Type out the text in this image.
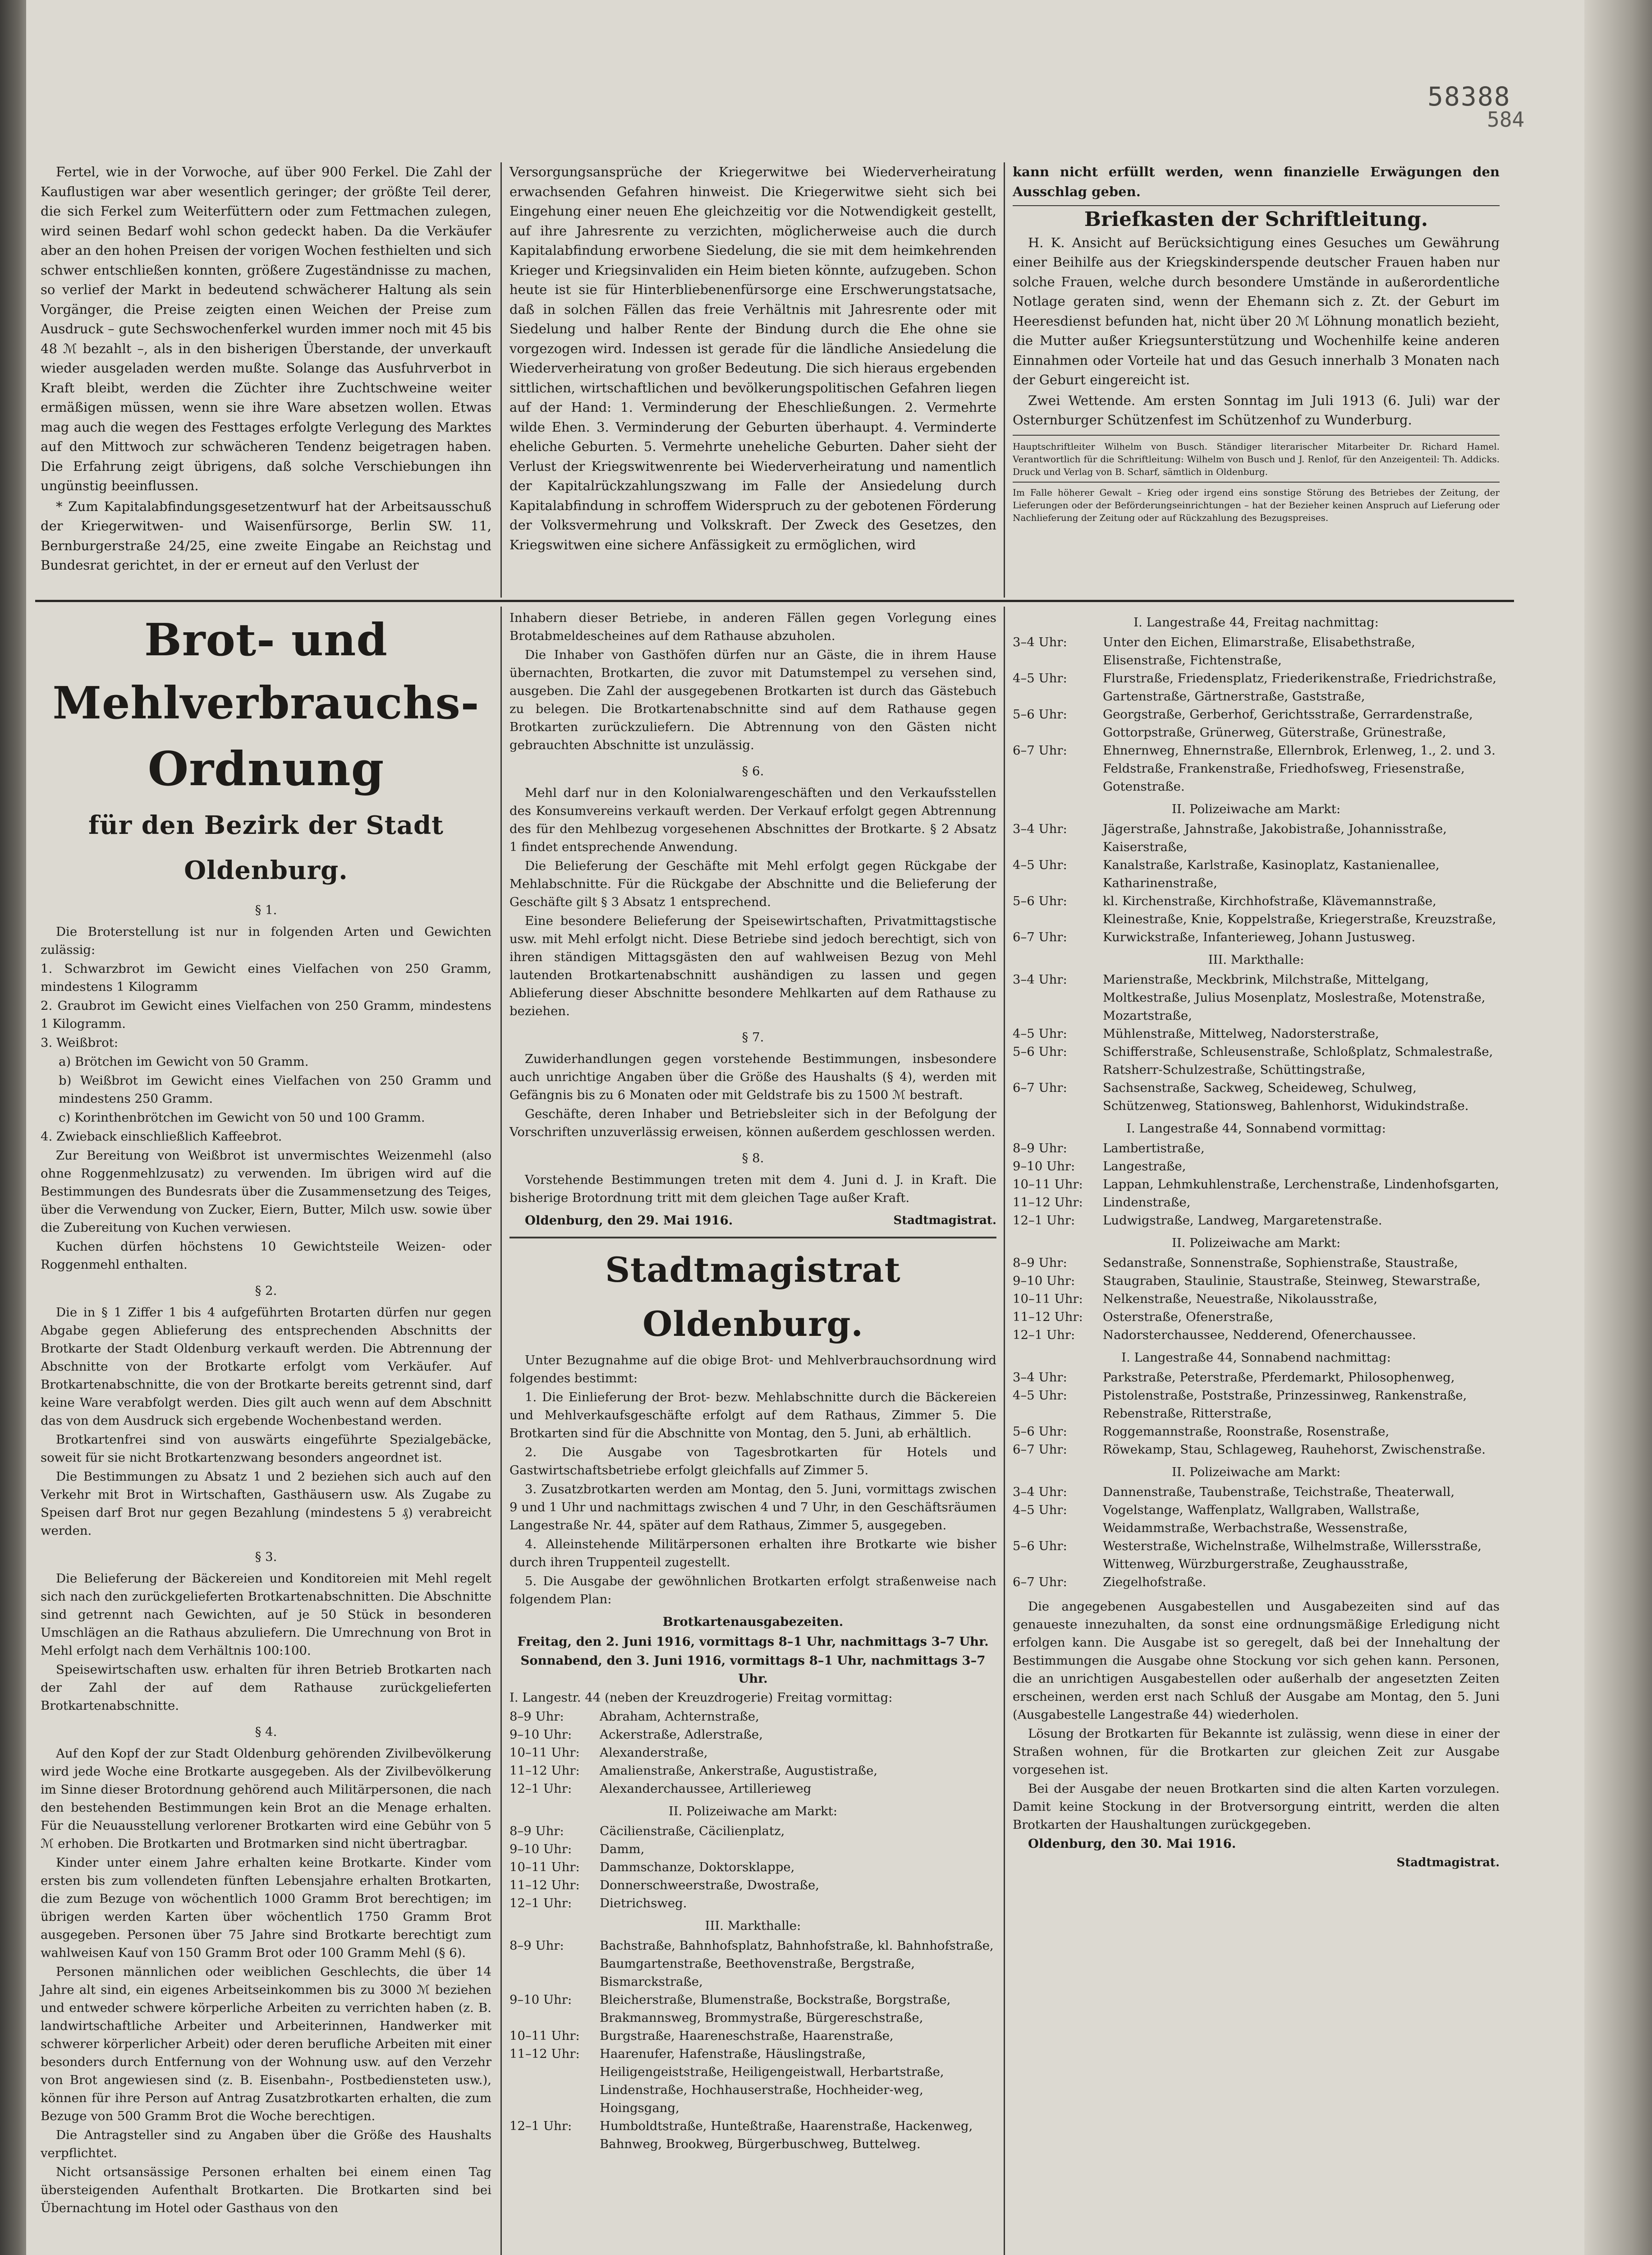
58388
584

Fertel, wie in der Vorwoche, auf über 900 Ferkel. Die Zahl der Kauflustigen war aber wesentlich geringer; der größte Teil derer, die sich Ferkel zum Weiterfüttern oder zum Fettmachen zulegen, wird seinen Bedarf wohl schon gedeckt haben. Da die Verkäufer aber an den hohen Preisen der vorigen Wochen festhielten und sich schwer entschließen konnten, größere Zugeständnisse zu machen, so verlief der Markt in bedeutend schwächerer Haltung als sein Vorgänger, die Preise zeigten einen Weichen der Preise zum Ausdruck – gute Sechswochenferkel wurden immer noch mit 45 bis 48 ℳ bezahlt –, als in den bisherigen Überstande, der unverkauft wieder ausgeladen werden mußte. Solange das Ausfuhrverbot in Kraft bleibt, werden die Züchter ihre Zuchtschweine weiter ermäßigen müssen, wenn sie ihre Ware absetzen wollen. Etwas mag auch die wegen des Festtages erfolgte Verlegung des Marktes auf den Mittwoch zur schwächeren Tendenz beigetragen haben. Die Erfahrung zeigt übrigens, daß solche Verschiebungen ihn ungünstig beeinflussen.

* Zum Kapitalabfindungsgesetzentwurf hat der Arbeitsausschuß der Kriegerwitwen- und Waisenfürsorge, Berlin SW. 11, Bernburgerstraße 24/25, eine zweite Eingabe an Reichstag und Bundesrat gerichtet, in der er erneut auf den Verlust der

Versorgungsansprüche der Kriegerwitwe bei Wiederverheiratung erwachsenden Gefahren hinweist. Die Kriegerwitwe sieht sich bei Eingehung einer neuen Ehe gleichzeitig vor die Notwendigkeit gestellt, auf ihre Jahresrente zu verzichten, möglicherweise auch die durch Kapitalabfindung erworbene Siedelung, die sie mit dem heimkehrenden Krieger und Kriegsinvaliden ein Heim bieten könnte, aufzugeben. Schon heute ist sie für Hinterbliebenenfürsorge eine Erschwerungstatsache, daß in solchen Fällen das freie Verhältnis mit Jahresrente oder mit Siedelung und halber Rente der Bindung durch die Ehe ohne sie vorgezogen wird. Indessen ist gerade für die ländliche Ansiedelung die Wiederverheiratung von großer Bedeutung. Die sich hieraus ergebenden sittlichen, wirtschaftlichen und bevölkerungspolitischen Gefahren liegen auf der Hand: 1. Verminderung der Eheschließungen. 2. Vermehrte wilde Ehen. 3. Verminderung der Geburten überhaupt. 4. Verminderte eheliche Geburten. 5. Vermehrte uneheliche Geburten. Daher sieht der Verlust der Kriegswitwenrente bei Wiederverheiratung und namentlich der Kapitalrückzahlungszwang im Falle der Ansiedelung durch Kapitalabfindung in schroffem Widerspruch zu der gebotenen Förderung der Volksvermehrung und Volkskraft. Der Zweck des Gesetzes, den Kriegswitwen eine sichere Anfässigkeit zu ermöglichen, wird

kann nicht erfüllt werden, wenn finanzielle Erwägungen den Ausschlag geben.

Briefkasten der Schriftleitung.

H. K. Ansicht auf Berücksichtigung eines Gesuches um Gewährung einer Beihilfe aus der Kriegskinderspende deutscher Frauen haben nur solche Frauen, welche durch besondere Umstände in außerordentliche Notlage geraten sind, wenn der Ehemann sich z. Zt. der Geburt im Heeresdienst befunden hat, nicht über 20 ℳ Löhnung monatlich bezieht, die Mutter außer Kriegsunterstützung und Wochenhilfe keine anderen Einnahmen oder Vorteile hat und das Gesuch innerhalb 3 Monaten nach der Geburt eingereicht ist.

Zwei Wettende. Am ersten Sonntag im Juli 1913 (6. Juli) war der Osternburger Schützenfest im Schützenhof zu Wunderburg.

Hauptschriftleiter Wilhelm von Busch. Ständiger literarischer Mitarbeiter Dr. Richard Hamel. Verantwortlich für die Schriftleitung: Wilhelm von Busch und J. Renlof, für den Anzeigenteil: Th. Addicks. Druck und Verlag von B. Scharf, sämtlich in Oldenburg.

Im Falle höherer Gewalt – Krieg oder irgend eins sonstige Störung des Betriebes der Zeitung, der Lieferungen oder der Beförderungseinrichtungen – hat der Bezieher keinen Anspruch auf Lieferung oder Nachlieferung der Zeitung oder auf Rückzahlung des Bezugspreises.

Brot- und Mehlverbrauchs-
Ordnung
für den Bezirk der Stadt Oldenburg.
§ 1.

Die Broterstellung ist nur in folgenden Arten und Gewichten zulässig:

1. Schwarzbrot im Gewicht eines Vielfachen von 250 Gramm, mindestens 1 Kilogramm

2. Graubrot im Gewicht eines Vielfachen von 250 Gramm, mindestens 1 Kilogramm.

3. Weißbrot:

a) Brötchen im Gewicht von 50 Gramm.

b) Weißbrot im Gewicht eines Vielfachen von 250 Gramm und mindestens 250 Gramm.

c) Korinthenbrötchen im Gewicht von 50 und 100 Gramm.

4. Zwieback einschließlich Kaffeebrot.

Zur Bereitung von Weißbrot ist unvermischtes Weizenmehl (also ohne Roggenmehlzusatz) zu verwenden. Im übrigen wird auf die Bestimmungen des Bundesrats über die Zusammensetzung des Teiges, über die Verwendung von Zucker, Eiern, Butter, Milch usw. sowie über die Zubereitung von Kuchen verwiesen.

Kuchen dürfen höchstens 10 Gewichtsteile Weizen- oder Roggenmehl enthalten.

§ 2.

Die in § 1 Ziffer 1 bis 4 aufgeführten Brotarten dürfen nur gegen Abgabe gegen Ablieferung des entsprechenden Abschnitts der Brotkarte der Stadt Oldenburg verkauft werden. Die Abtrennung der Abschnitte von der Brotkarte erfolgt vom Verkäufer. Auf Brotkartenabschnitte, die von der Brotkarte bereits getrennt sind, darf keine Ware verabfolgt werden. Dies gilt auch wenn auf dem Abschnitt das von dem Ausdruck sich ergebende Wochenbestand werden.

Brotkartenfrei sind von auswärts eingeführte Spezialgebäcke, soweit für sie nicht Brotkartenzwang besonders angeordnet ist.

Die Bestimmungen zu Absatz 1 und 2 beziehen sich auch auf den Verkehr mit Brot in Wirtschaften, Gasthäusern usw. Als Zugabe zu Speisen darf Brot nur gegen Bezahlung (mindestens 5 ₰) verabreicht werden.

§ 3.

Die Belieferung der Bäckereien und Konditoreien mit Mehl regelt sich nach den zurückgelieferten Brotkartenabschnitten. Die Abschnitte sind getrennt nach Gewichten, auf je 50 Stück in besonderen Umschlägen an die Rathaus abzuliefern. Die Umrechnung von Brot in Mehl erfolgt nach dem Verhältnis 100:100.

Speisewirtschaften usw. erhalten für ihren Betrieb Brotkarten nach der Zahl der auf dem Rathause zurückgelieferten Brotkartenabschnitte.

§ 4.

Auf den Kopf der zur Stadt Oldenburg gehörenden Zivilbevölkerung wird jede Woche eine Brotkarte ausgegeben. Als der Zivilbevölkerung im Sinne dieser Brotordnung gehörend auch Militärpersonen, die nach den bestehenden Bestimmungen kein Brot an die Menage erhalten. Für die Neuausstellung verlorener Brotkarten wird eine Gebühr von 5 ℳ erhoben. Die Brotkarten und Brotmarken sind nicht übertragbar.

Kinder unter einem Jahre erhalten keine Brotkarte. Kinder vom ersten bis zum vollendeten fünften Lebensjahre erhalten Brotkarten, die zum Bezuge von wöchentlich 1000 Gramm Brot berechtigen; im übrigen werden Karten über wöchentlich 1750 Gramm Brot ausgegeben. Personen über 75 Jahre sind Brotkarte berechtigt zum wahlweisen Kauf von 150 Gramm Brot oder 100 Gramm Mehl (§ 6).

Personen männlichen oder weiblichen Geschlechts, die über 14 Jahre alt sind, ein eigenes Arbeitseinkommen bis zu 3000 ℳ beziehen und entweder schwere körperliche Arbeiten zu verrichten haben (z. B. landwirtschaftliche Arbeiter und Arbeiterinnen, Handwerker mit schwerer körperlicher Arbeit) oder deren berufliche Arbeiten mit einer besonders durch Entfernung von der Wohnung usw. auf den Verzehr von Brot angewiesen sind (z. B. Eisenbahn-, Postbediensteten usw.), können für ihre Person auf Antrag Zusatzbrotkarten erhalten, die zum Bezuge von 500 Gramm Brot die Woche berechtigen.

Die Antragsteller sind zu Angaben über die Größe des Haushalts verpflichtet.

Nicht ortsansässige Personen erhalten bei einem einen Tag übersteigenden Aufenthalt Brotkarten. Die Brotkarten sind bei Übernachtung im Hotel oder Gasthaus von den

Inhabern dieser Betriebe, in anderen Fällen gegen Vorlegung eines Brotabmeldescheines auf dem Rathause abzuholen.

Die Inhaber von Gasthöfen dürfen nur an Gäste, die in ihrem Hause übernachten, Brotkarten, die zuvor mit Datumstempel zu versehen sind, ausgeben. Die Zahl der ausgegebenen Brotkarten ist durch das Gästebuch zu belegen. Die Brotkartenabschnitte sind auf dem Rathause gegen Brotkarten zurückzuliefern. Die Abtrennung von den Gästen nicht gebrauchten Abschnitte ist unzulässig.

§ 6.

Mehl darf nur in den Kolonialwarengeschäften und den Verkaufsstellen des Konsumvereins verkauft werden. Der Verkauf erfolgt gegen Abtrennung des für den Mehlbezug vorgesehenen Abschnittes der Brotkarte. § 2 Absatz 1 findet entsprechende Anwendung.

Die Belieferung der Geschäfte mit Mehl erfolgt gegen Rückgabe der Mehlabschnitte. Für die Rückgabe der Abschnitte und die Belieferung der Geschäfte gilt § 3 Absatz 1 entsprechend.

Eine besondere Belieferung der Speisewirtschaften, Privatmittagstische usw. mit Mehl erfolgt nicht. Diese Betriebe sind jedoch berechtigt, sich von ihren ständigen Mittagsgästen den auf wahlweisen Bezug von Mehl lautenden Brotkartenabschnitt aushändigen zu lassen und gegen Ablieferung dieser Abschnitte besondere Mehlkarten auf dem Rathause zu beziehen.

§ 7.

Zuwiderhandlungen gegen vorstehende Bestimmungen, insbesondere auch unrichtige Angaben über die Größe des Haushalts (§ 4), werden mit Gefängnis bis zu 6 Monaten oder mit Geldstrafe bis zu 1500 ℳ bestraft.

Geschäfte, deren Inhaber und Betriebsleiter sich in der Befolgung der Vorschriften unzuverlässig erweisen, können außerdem geschlossen werden.

§ 8.

Vorstehende Bestimmungen treten mit dem 4. Juni d. J. in Kraft. Die bisherige Brotordnung tritt mit dem gleichen Tage außer Kraft.

Oldenburg, den 29. Mai 1916.	Stadtmagistrat.
Stadtmagistrat Oldenburg.

Unter Bezugnahme auf die obige Brot- und Mehlverbrauchsordnung wird folgendes bestimmt:

1. Die Einlieferung der Brot- bezw. Mehlabschnitte durch die Bäckereien und Mehlverkaufsgeschäfte erfolgt auf dem Rathaus, Zimmer 5. Die Brotkarten sind für die Abschnitte von Montag, den 5. Juni, ab erhältlich.

2. Die Ausgabe von Tagesbrotkarten für Hotels und Gastwirtschaftsbetriebe erfolgt gleichfalls auf Zimmer 5.

3. Zusatzbrotkarten werden am Montag, den 5. Juni, vormittags zwischen 9 und 1 Uhr und nachmittags zwischen 4 und 7 Uhr, in den Geschäftsräumen Langestraße Nr. 44, später auf dem Rathaus, Zimmer 5, ausgegeben.

4. Alleinstehende Militärpersonen erhalten ihre Brotkarte wie bisher durch ihren Truppenteil zugestellt.

5. Die Ausgabe der gewöhnlichen Brotkarten erfolgt straßenweise nach folgendem Plan:

Brotkartenausgabezeiten.

Freitag, den 2. Juni 1916, vormittags 8–1 Uhr, nachmittags 3–7 Uhr.

Sonnabend, den 3. Juni 1916, vormittags 8–1 Uhr, nachmittags 3–7 Uhr.

I. Langestr. 44 (neben der Kreuzdrogerie) Freitag vormittag:

8–9 Uhr:	Abraham, Achternstraße,
9–10 Uhr:	Ackerstraße, Adlerstraße,
10–11 Uhr:	Alexanderstraße,
11–12 Uhr:	Amalienstraße, Ankerstraße, Augustistraße,
12–1 Uhr:	Alexanderchaussee, Artillerieweg
II. Polizeiwache am Markt:
8–9 Uhr:	Cäcilienstraße, Cäcilienplatz,
9–10 Uhr:	Damm,
10–11 Uhr:	Dammschanze, Doktorsklappe,
11–12 Uhr:	Donnerschweerstraße, Dwostraße,
12–1 Uhr:	Dietrichsweg.
III. Markthalle:
8–9 Uhr:	Bachstraße, Bahnhofsplatz, Bahnhofstraße, kl. Bahnhofstraße, Baumgartenstraße, Beethovenstraße, Bergstraße, Bismarckstraße,
9–10 Uhr:	Bleicherstraße, Blumenstraße, Bockstraße, Borgstraße, Brakmannsweg, Brommystraße, Bürgereschstraße,
10–11 Uhr:	Burgstraße, Haareneschstraße, Haarenstraße,
11–12 Uhr:	Haarenufer, Hafenstraße, Häuslingstraße, Heiligengeiststraße, Heiligengeistwall, Herbartstraße, Lindenstraße, Hochhauserstraße, Hochheider-weg, Hoingsgang,
12–1 Uhr:	Humboldtstraße, Hunteßtraße, Haarenstraße, Hackenweg, Bahnweg, Brookweg, Bürgerbuschweg, Buttelweg.
I. Langestraße 44, Freitag nachmittag:
3–4 Uhr:	Unter den Eichen, Elimarstraße, Elisabethstraße, Elisenstraße, Fichtenstraße,
4–5 Uhr:	Flurstraße, Friedensplatz, Friederikenstraße, Friedrichstraße, Gartenstraße, Gärtnerstraße, Gaststraße,
5–6 Uhr:	Georgstraße, Gerberhof, Gerichtsstraße, Gerrardenstraße, Gottorpstraße, Grünerweg, Güterstraße, Grünestraße,
6–7 Uhr:	Ehnernweg, Ehnernstraße, Ellernbrok, Erlenweg, 1., 2. und 3. Feldstraße, Frankenstraße, Friedhofsweg, Friesenstraße, Gotenstraße.
II. Polizeiwache am Markt:
3–4 Uhr:	Jägerstraße, Jahnstraße, Jakobistraße, Johannisstraße, Kaiserstraße,
4–5 Uhr:	Kanalstraße, Karlstraße, Kasinoplatz, Kastanienallee, Katharinenstraße,
5–6 Uhr:	kl. Kirchenstraße, Kirchhofstraße, Klävemannstraße, Kleinestraße, Knie, Koppelstraße, Kriegerstraße, Kreuzstraße,
6–7 Uhr:	Kurwickstraße, Infanterieweg, Johann Justusweg.
III. Markthalle:
3–4 Uhr:	Marienstraße, Meckbrink, Milchstraße, Mittelgang, Moltkestraße, Julius Mosenplatz, Moslestraße, Motenstraße, Mozartstraße,
4–5 Uhr:	Mühlenstraße, Mittelweg, Nadorsterstraße,
5–6 Uhr:	Schifferstraße, Schleusenstraße, Schloßplatz, Schmalestraße, Ratsherr-Schulzestraße, Schüttingstraße,
6–7 Uhr:	Sachsenstraße, Sackweg, Scheideweg, Schulweg, Schützenweg, Stationsweg, Bahlenhorst, Widukindstraße.
I. Langestraße 44, Sonnabend vormittag:
8–9 Uhr:	Lambertistraße,
9–10 Uhr:	Langestraße,
10–11 Uhr:	Lappan, Lehmkuhlenstraße, Lerchenstraße, Lindenhofsgarten,
11–12 Uhr:	Lindenstraße,
12–1 Uhr:	Ludwigstraße, Landweg, Margaretenstraße.
II. Polizeiwache am Markt:
8–9 Uhr:	Sedanstraße, Sonnenstraße, Sophienstraße, Staustraße,
9–10 Uhr:	Staugraben, Staulinie, Staustraße, Steinweg, Stewarstraße,
10–11 Uhr:	Nelkenstraße, Neuestraße, Nikolausstraße,
11–12 Uhr:	Osterstraße, Ofenerstraße,
12–1 Uhr:	Nadorsterchaussee, Nedderend, Ofenerchaussee.
I. Langestraße 44, Sonnabend nachmittag:
3–4 Uhr:	Parkstraße, Peterstraße, Pferdemarkt, Philosophenweg,
4–5 Uhr:	Pistolenstraße, Poststraße, Prinzessinweg, Rankenstraße, Rebenstraße, Ritterstraße,
5–6 Uhr:	Roggemannstraße, Roonstraße, Rosenstraße,
6–7 Uhr:	Röwekamp, Stau, Schlageweg, Rauhehorst, Zwischenstraße.
II. Polizeiwache am Markt:
3–4 Uhr:	Dannenstraße, Taubenstraße, Teichstraße, Theaterwall,
4–5 Uhr:	Vogelstange, Waffenplatz, Wallgraben, Wallstraße, Weidammstraße, Werbachstraße, Wessenstraße,
5–6 Uhr:	Westerstraße, Wichelnstraße, Wilhelmstraße, Willersstraße, Wittenweg, Würzburgerstraße, Zeughausstraße,
6–7 Uhr:	Ziegelhofstraße.

Die angegebenen Ausgabestellen und Ausgabezeiten sind auf das genaueste innezuhalten, da sonst eine ordnungsmäßige Erledigung nicht erfolgen kann. Die Ausgabe ist so geregelt, daß bei der Innehaltung der Bestimmungen die Ausgabe ohne Stockung vor sich gehen kann. Personen, die an unrichtigen Ausgabestellen oder außerhalb der angesetzten Zeiten erscheinen, werden erst nach Schluß der Ausgabe am Montag, den 5. Juni (Ausgabestelle Langestraße 44) wiederholen.

Lösung der Brotkarten für Bekannte ist zulässig, wenn diese in einer der Straßen wohnen, für die Brotkarten zur gleichen Zeit zur Ausgabe vorgesehen ist.

Bei der Ausgabe der neuen Brotkarten sind die alten Karten vorzulegen. Damit keine Stockung in der Brotversorgung eintritt, werden die alten Brotkarten der Haushaltungen zurückgegeben.

Oldenburg, den 30. Mai 1916.

Stadtmagistrat.
